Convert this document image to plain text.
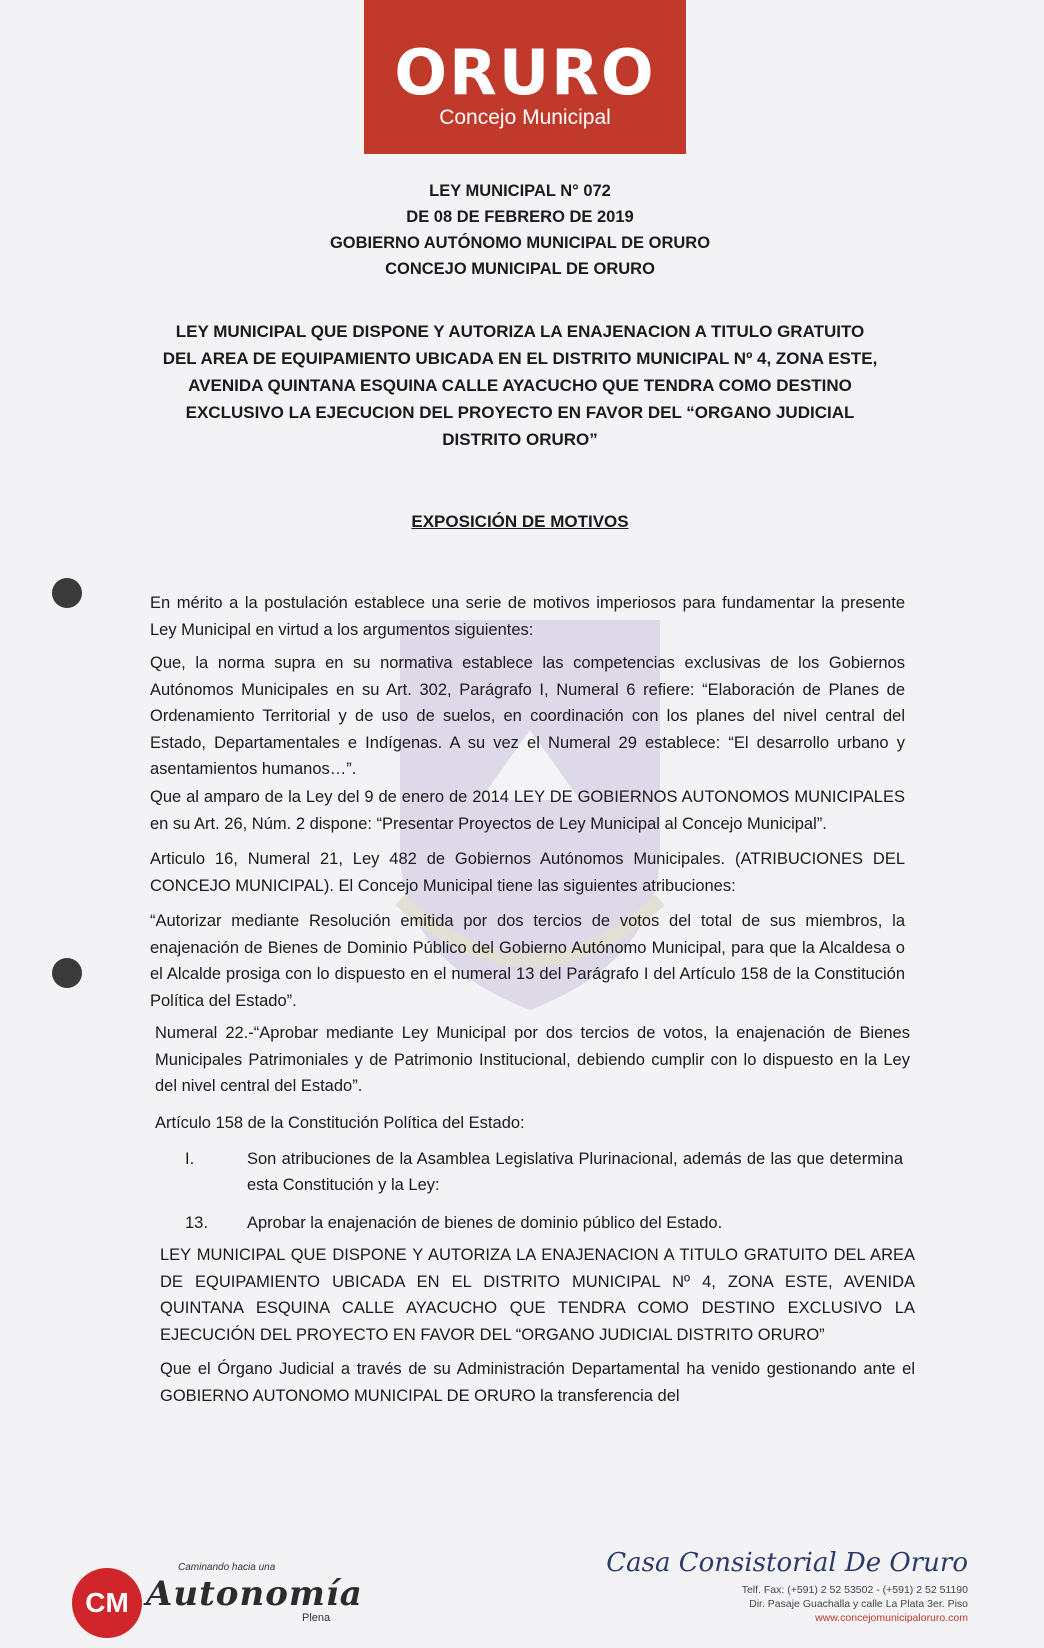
ORURO
Concejo Municipal
LEY MUNICIPAL N° 072
DE 08 DE FEBRERO DE 2019
GOBIERNO AUTÓNOMO MUNICIPAL DE ORURO
CONCEJO MUNICIPAL DE ORURO
LEY MUNICIPAL QUE DISPONE Y AUTORIZA LA ENAJENACION A TITULO GRATUITO
DEL AREA DE EQUIPAMIENTO UBICADA EN EL DISTRITO MUNICIPAL Nº 4, ZONA ESTE,
AVENIDA QUINTANA ESQUINA CALLE AYACUCHO QUE TENDRA COMO DESTINO
EXCLUSIVO LA EJECUCION DEL PROYECTO EN FAVOR DEL “ORGANO JUDICIAL
DISTRITO ORURO”
EXPOSICIÓN DE MOTIVOS

En mérito a la postulación establece una serie de motivos imperiosos para fundamentar la presente Ley Municipal en virtud a los argumentos siguientes:

Que, la norma supra en su normativa establece las competencias exclusivas de los Gobiernos Autónomos Municipales en su Art. 302, Parágrafo I, Numeral 6 refiere: “Elaboración de Planes de Ordenamiento Territorial y de uso de suelos, en coordinación con los planes del nivel central del Estado, Departamentales e Indígenas. A su vez el Numeral 29 establece: “El desarrollo urbano y asentamientos humanos…”.

Que al amparo de la Ley del 9 de enero de 2014 LEY DE GOBIERNOS AUTONOMOS MUNICIPALES en su Art. 26, Núm. 2 dispone: “Presentar Proyectos de Ley Municipal al Concejo Municipal”.

Articulo 16, Numeral 21, Ley 482 de Gobiernos Autónomos Municipales. (ATRIBUCIONES DEL CONCEJO MUNICIPAL). El Concejo Municipal tiene las siguientes atribuciones:

“Autorizar mediante Resolución emitida por dos tercios de votos del total de sus miembros, la enajenación de Bienes de Dominio Público del Gobierno Autónomo Municipal, para que la Alcaldesa o el Alcalde prosiga con lo dispuesto en el numeral 13 del Parágrafo I del Artículo 158 de la Constitución Política del Estado”.

Numeral 22.-“Aprobar mediante Ley Municipal por dos tercios de votos, la enajenación de Bienes Municipales Patrimoniales y de Patrimonio Institucional, debiendo cumplir con lo dispuesto en la Ley del nivel central del Estado”.

Artículo 158 de la Constitución Política del Estado:

I.	Son atribuciones de la Asamblea Legislativa Plurinacional, además de las que determina esta Constitución y la Ley:
13. Aprobar la enajenación de bienes de dominio público del Estado.

LEY MUNICIPAL QUE DISPONE Y AUTORIZA LA ENAJENACION A TITULO GRATUITO DEL AREA DE EQUIPAMIENTO UBICADA EN EL DISTRITO MUNICIPAL Nº 4, ZONA ESTE, AVENIDA QUINTANA ESQUINA CALLE AYACUCHO QUE TENDRA COMO DESTINO EXCLUSIVO LA EJECUCIÓN DEL PROYECTO EN FAVOR DEL “ORGANO JUDICIAL DISTRITO ORURO”

Que el Órgano Judicial a través de su Administración Departamental ha venido gestionando ante el GOBIERNO AUTONOMO MUNICIPAL DE ORURO la transferencia del

CM
Caminando hacia una
Autonomía
Plena
Casa Consistorial De Oruro
Telf. Fax: (+591) 2 52 53502 - (+591) 2 52 51190
Dir. Pasaje Guachalla y calle La Plata 3er. Piso
www.concejomunicipaloruro.com
